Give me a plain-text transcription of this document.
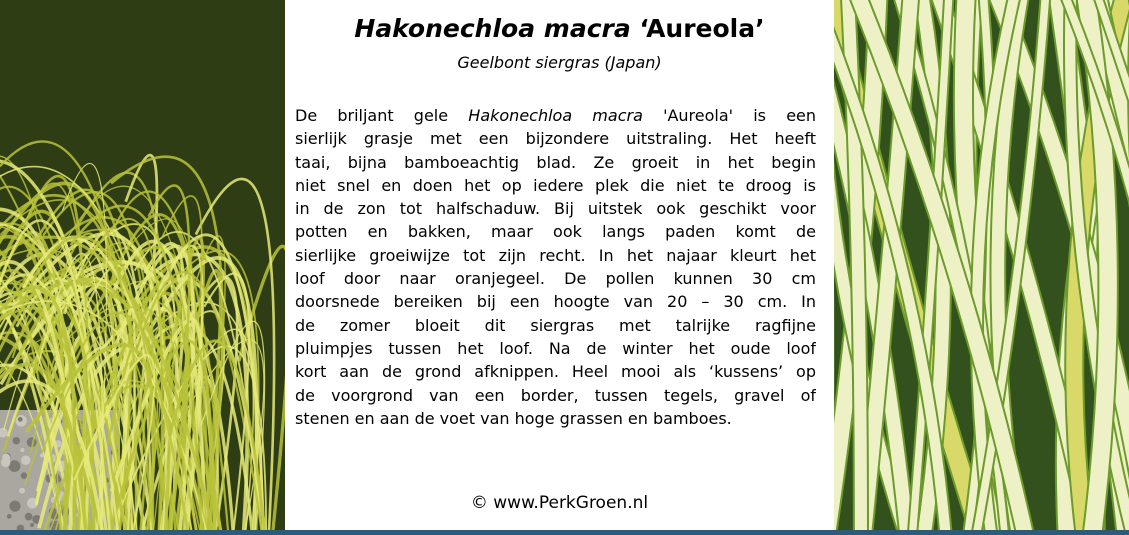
Hakonechloa macra ‘Aureola’
Geelbont siergras (Japan)
De briljant gele Hakonechloa macra 'Aureola' is een
sierlijk grasje met een bijzondere uitstraling. Het heeft
taai, bijna bamboeachtig blad. Ze groeit in het begin
niet snel en doen het op iedere plek die niet te droog is
in de zon tot halfschaduw. Bij uitstek ook geschikt voor
potten en bakken, maar ook langs paden komt de
sierlijke groeiwijze tot zijn recht. In het najaar kleurt het
loof door naar oranjegeel. De pollen kunnen 30 cm
doorsnede bereiken bij een hoogte van 20 – 30 cm. In
de zomer bloeit dit siergras met talrijke ragfijne
pluimpjes tussen het loof. Na de winter het oude loof
kort aan de grond afknippen. Heel mooi als ‘kussens’ op
de voorgrond van een border, tussen tegels, gravel of
stenen en aan de voet van hoge grassen en bamboes.
© www.PerkGroen.nl
